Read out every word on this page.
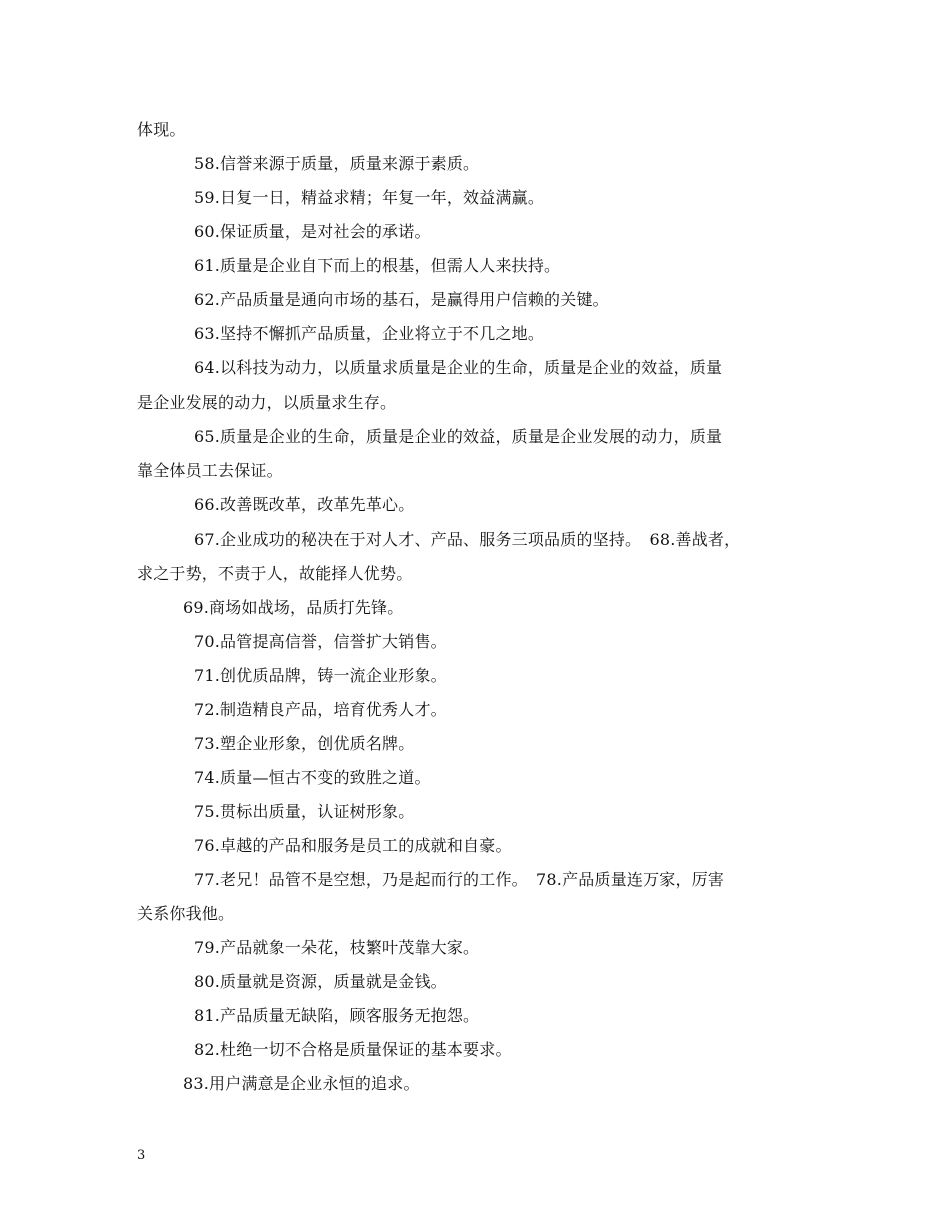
体现。
58.信誉来源于质量，质量来源于素质。
59.日复一日，精益求精；年复一年，效益满赢。
60.保证质量，是对社会的承诺。
61.质量是企业自下而上的根基，但需人人来扶持。
62.产品质量是通向市场的基石，是赢得用户信赖的关键。
63.坚持不懈抓产品质量，企业将立于不几之地。
64.以科技为动力，以质量求质量是企业的生命，质量是企业的效益，质量
是企业发展的动力，以质量求生存。
65.质量是企业的生命，质量是企业的效益，质量是企业发展的动力，质量
靠全体员工去保证。
66.改善既改革，改革先革心。
67.企业成功的秘决在于对人才、产品、服务三项品质的坚持。　68.善战者，
求之于势，不责于人，故能择人优势。
69.商场如战场，品质打先锋。
70.品管提高信誉，信誉扩大销售。
71.创优质品牌，铸一流企业形象。
72.制造精良产品，培育优秀人才。
73.塑企业形象，创优质名牌。
74.质量—恒古不变的致胜之道。
75.贯标出质量，认证树形象。
76.卓越的产品和服务是员工的成就和自豪。
77.老兄！品管不是空想，乃是起而行的工作。　78.产品质量连万家，厉害
关系你我他。
79.产品就象一朵花，枝繁叶茂靠大家。
80.质量就是资源，质量就是金钱。
81.产品质量无缺陷，顾客服务无抱怨。
82.杜绝一切不合格是质量保证的基本要求。
83.用户满意是企业永恒的追求。
3
